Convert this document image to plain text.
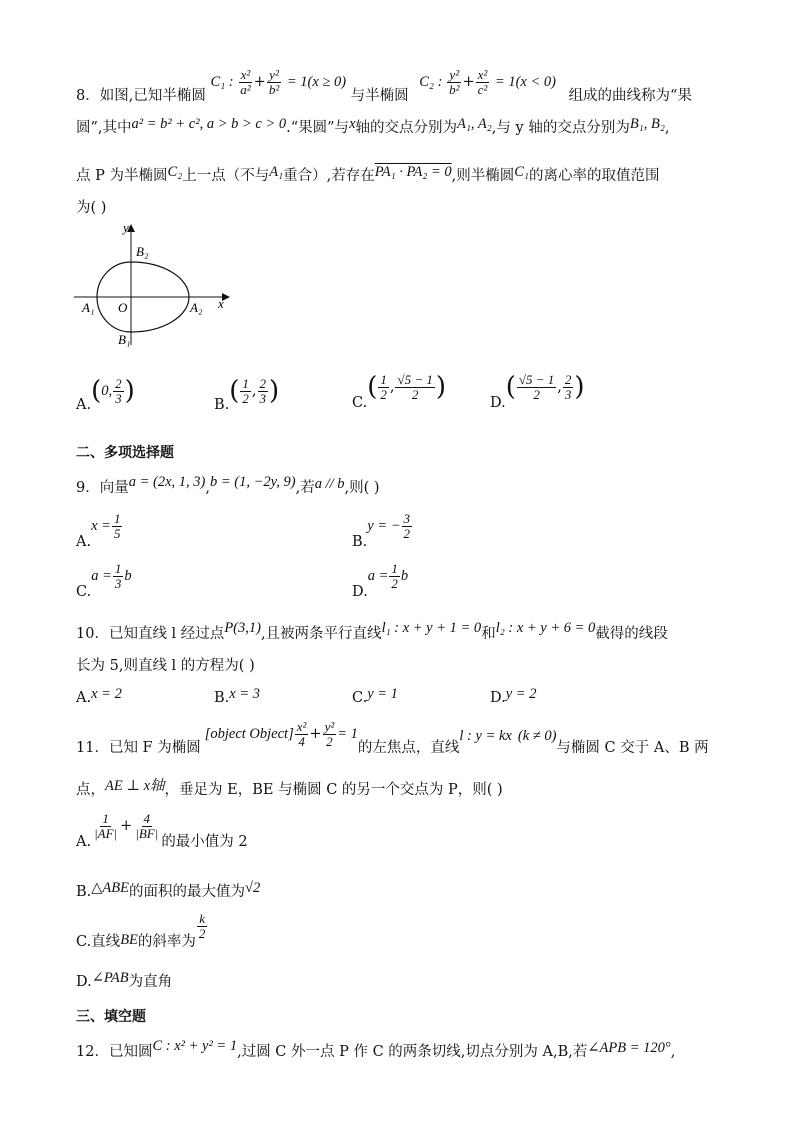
8．如图,已知半椭圆 C₁ : $\frac{\text{x²}}{\text{a²}} + \frac{\text{y²}}{\text{b²}} = 1(x \ge 0)$ 与半椭圆 C₂ : $\frac{\text{y²}}{\text{b²}} + \frac{\text{x²}}{\text{c²}} = 1(x < 0)$ 组成的曲线称为“果
圆”,其中a² = b² + c², a > b > c > 0.“果圆”与x轴的交点分别为A₁, A₂,与 y 轴的交点分别为B₁, B₂,
点 P 为半椭圆C₂上一点（不与A₁重合）,若存在PA₁ · PA₂ = 0,则半椭圆C₁的离心率的取值范围
为( )
y
x
O
A₁	A₂
B₂
B₁
A.(0, $\frac{2}{3}$ )	$B.( \frac{1}{2}$ , $\frac{2}{3}$ )	$C.( \frac{1}{2}$ , $\frac{√5 - 1}{2}$ )
$D.( \frac{√5 - 1}{2}$ , $\frac{2}{3}$ )
二、多项选择题
9．向量a = (2x, 1, 3),b = (1, −2y, 9),若a // b,则( )
$A.x = \frac{1}{5}$
B.y = − $\frac{3}{2}$
$C.a = \frac{1}{3}$ b
$D.a = \frac{1}{2}$ b
10．已知直线 l 经过点P(3,1),且被两条平行直线l₁ : x + y + 1 = 0和l₂ : x + y + 6 = 0截得的线段
长为 5,则直线 l 的方程为( )
A.x = 2	B.x = 3	C.y = 1	D.y = 2
11．已知 F 为椭圆[object Object] $\frac{\text{x²}}{4} + \frac{\text{y²}}{2} = 1$的左焦点，直线l : y = kx (k ≠ 0)与椭圆 C 交于 A、B 两
点，AE ⊥ x轴，垂足为 E，BE 与椭圆 C 的另一个交点为 P，则( )
A.
$\frac{1}{|AF|} + \frac{4}{|BF|}$
的最小值为 2
B.△ABE的面积的最大值为√2
C.直线BE的斜率为
$\frac{k}{2}$
D.∠PAB为直角
三、填空题
12．已知圆C : x² + y² = 1,过圆 C 外一点 P 作 C 的两条切线,切点分别为 A,B,若∠APB = 120°,
